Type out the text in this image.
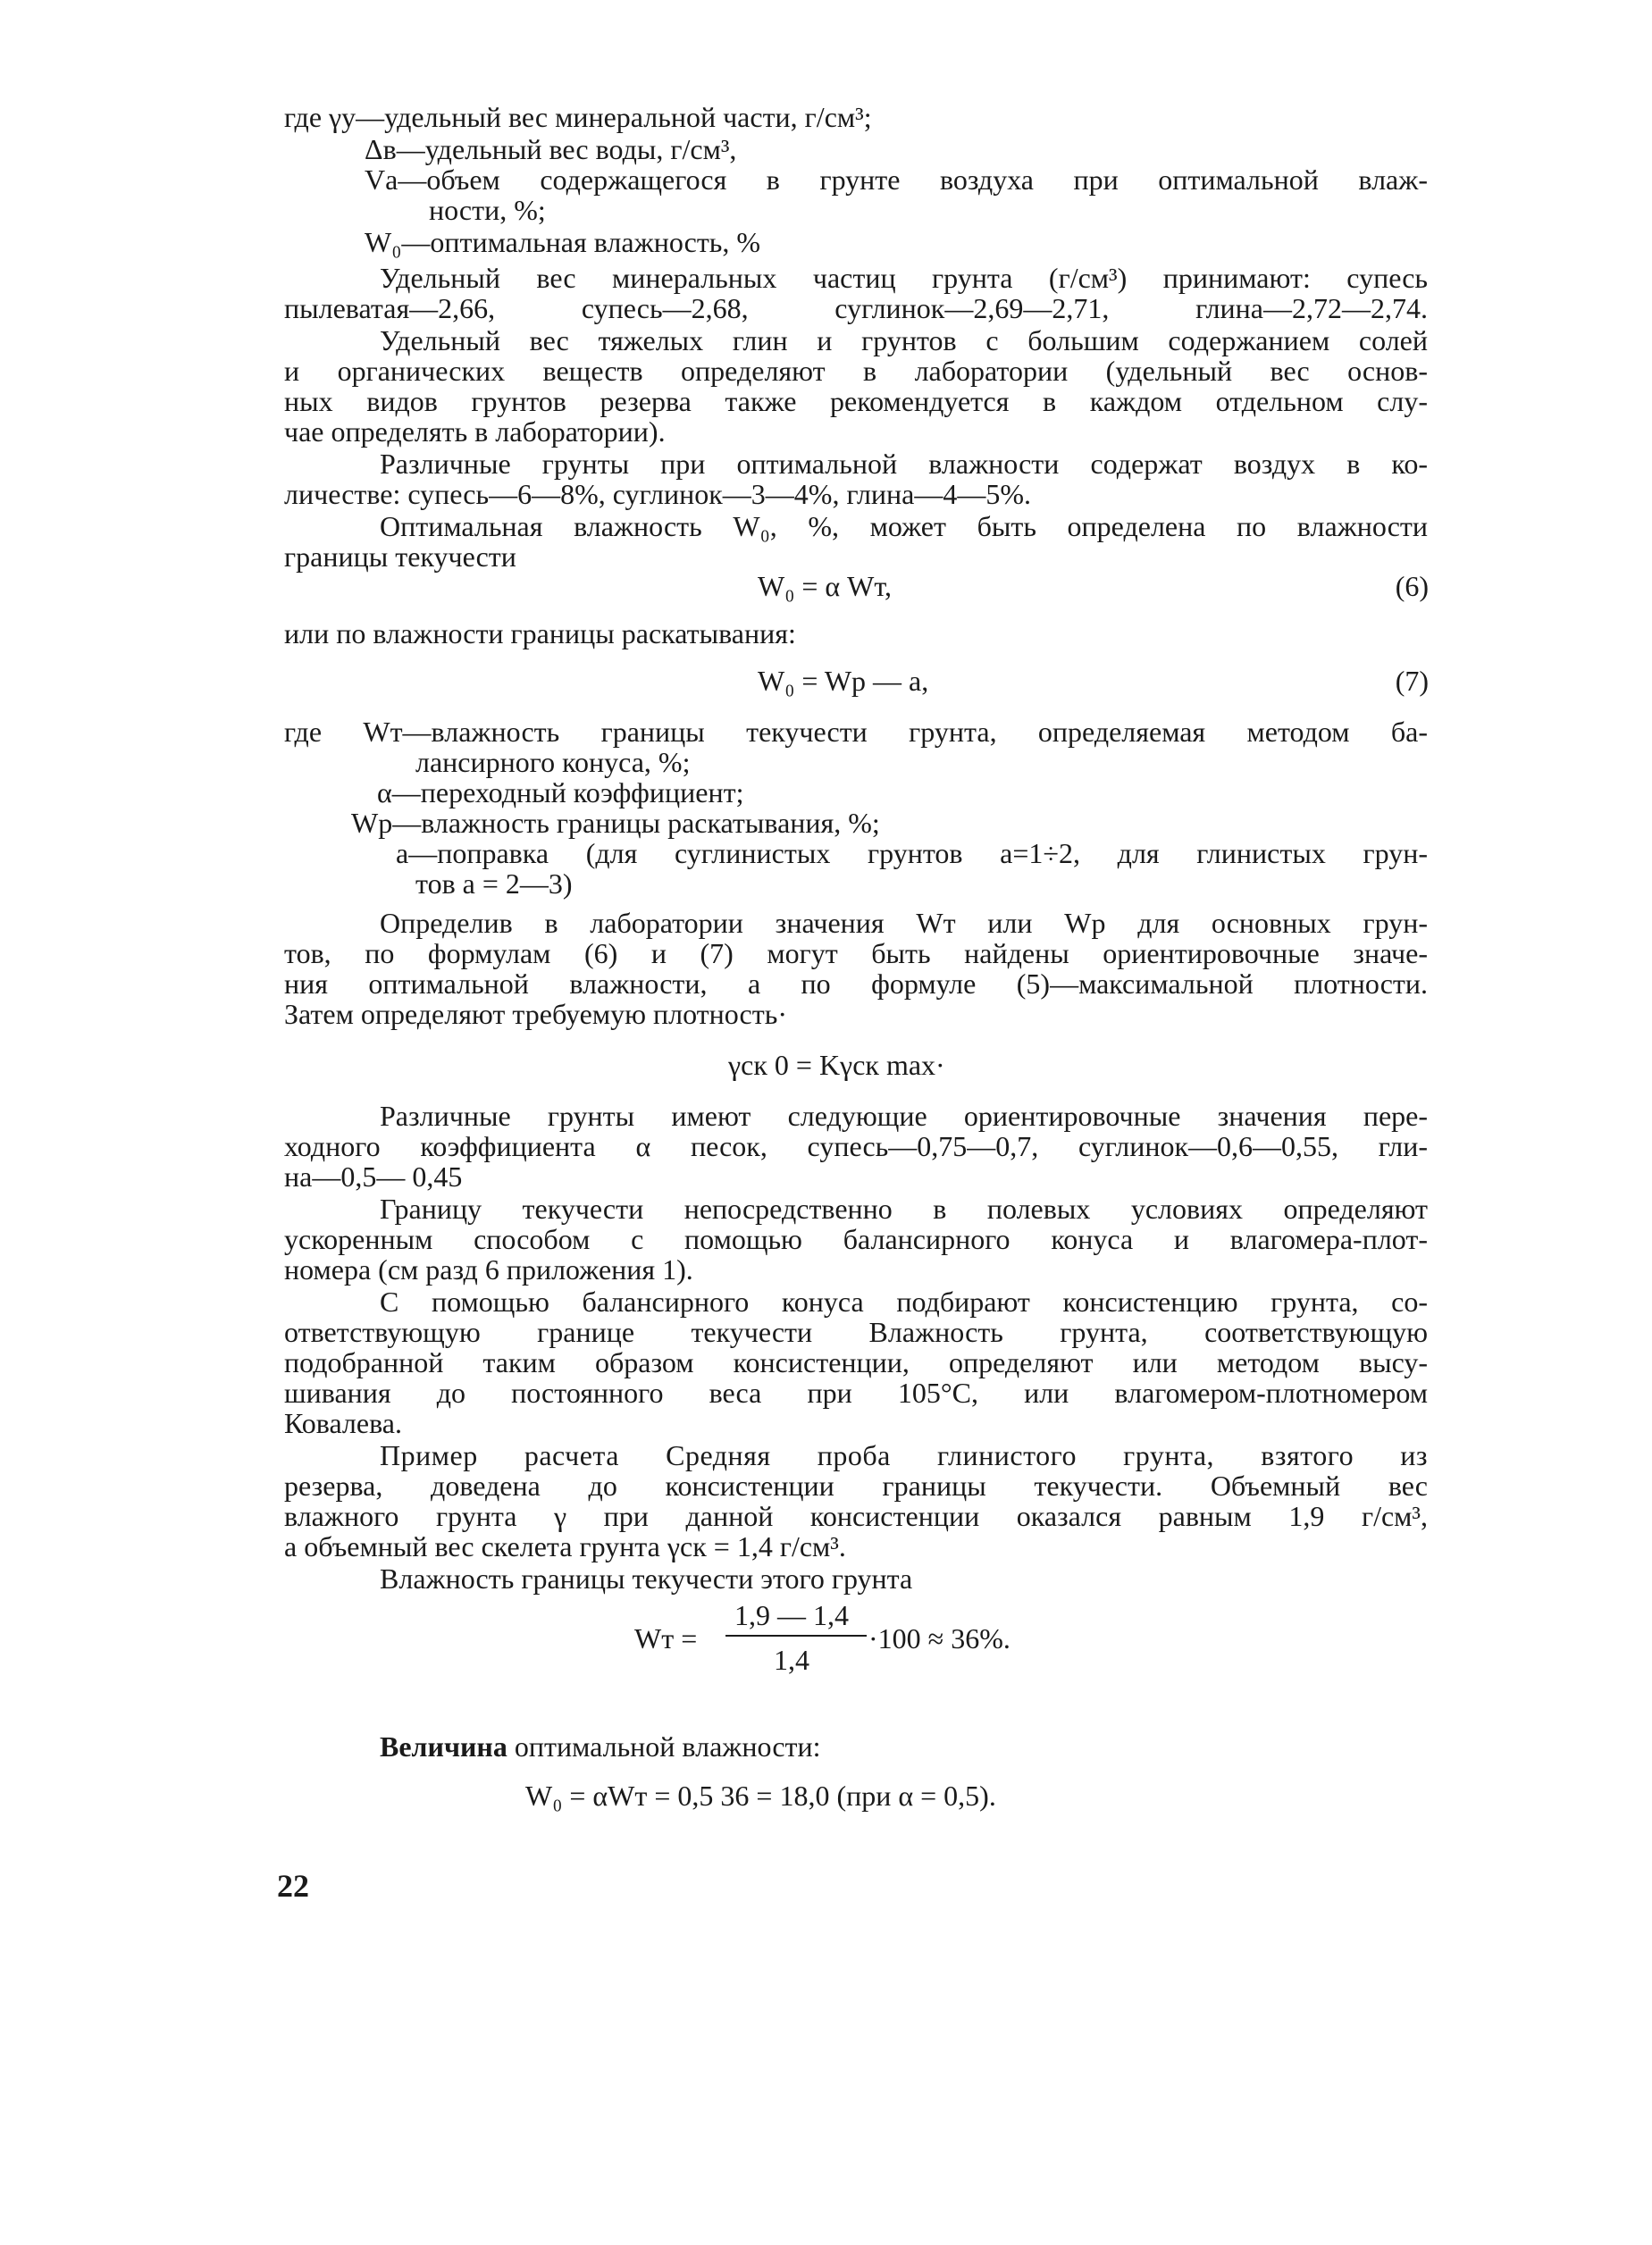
где γу—удельный вес минеральной части, г/см³;
Δв—удельный вес воды, г/см³,
Vа—объем содержащегося в грунте воздуха при оптимальной влаж-
ности, %;
W₀—оптимальная влажность, %
Удельный вес минеральных частиц грунта (г/см³) принимают: супесь
пылеватая—2,66, супесь—2,68, суглинок—2,69—2,71, глина—2,72—2,74.
Удельный вес тяжелых глин и грунтов с большим содержанием солей
и органических веществ определяют в лаборатории (удельный вес основ-
ных видов грунтов резерва также рекомендуется в каждом отдельном слу-
чае определять в лаборатории).
Различные грунты при оптимальной влажности содержат воздух в ко-
личестве: супесь—6—8%, суглинок—3—4%, глина—4—5%.
Оптимальная влажность W₀, %, может быть определена по влажности
границы текучести
W₀ = α Wт,	(6)
или по влажности границы раскатывания:
W₀ = Wр — a,	(7)
где Wт—влажность границы текучести грунта, определяемая методом ба-
лансирного конуса, %;
α—переходный коэффициент;
Wр—влажность границы раскатывания, %;
a—поправка (для суглинистых грунтов a=1÷2, для глинистых грун-
тов a = 2—3)
Определив в лаборатории значения Wт или Wр для основных грун-
тов, по формулам (6) и (7) могут быть найдены ориентировочные значе-
ния оптимальной влажности, а по формуле (5)—максимальной плотности.
Затем определяют требуемую плотность·
γск 0 = Kγск max·
Различные грунты имеют следующие ориентировочные значения пере-
ходного коэффициента α песок, супесь—0,75—0,7, суглинок—0,6—0,55, гли-
на—0,5— 0,45
Границу текучести непосредственно в полевых условиях определяют
ускоренным способом с помощью балансирного конуса и влагомера-плот-
номера (см разд 6 приложения 1).
С помощью балансирного конуса подбирают консистенцию грунта, со-
ответствующую границе текучести Влажность грунта, соответствующую
подобранной таким образом консистенции, определяют или методом высу-
шивания до постоянного веса при 105°C, или влагомером-плотномером
Ковалева.
Пример расчета Средняя проба глинистого грунта, взятого из
резерва, доведена до консистенции границы текучести. Объемный вес
влажного грунта γ при данной консистенции оказался равным 1,9 г/см³,
а объемный вес скелета грунта γск = 1,4 г/см³.
Влажность границы текучести этого грунта
Wт =
1,9 — 1,4
1,4
·100 ≈ 36%.
Величина оптимальной влажности:
W₀ = αWт = 0,5 36 = 18,0 (при α = 0,5).
22
